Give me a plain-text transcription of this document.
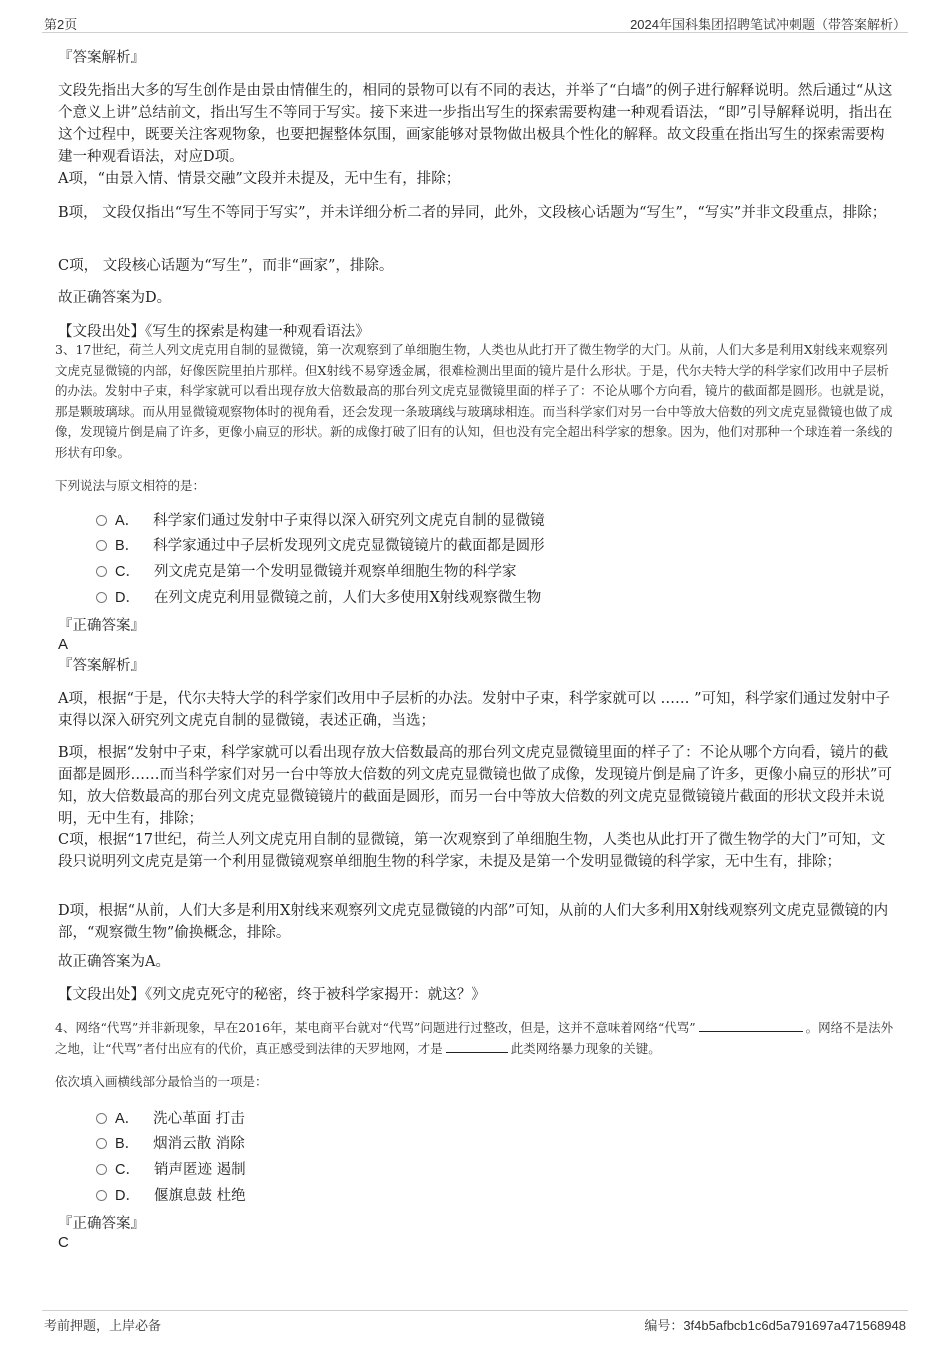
第2页	2024年国科集团招聘笔试冲刺题（带答案解析）
『答案解析』
文段先指出大多的写生创作是由景由情催生的，相同的景物可以有不同的表达，并举了“白墙”的例子进行解释说明。然后通过“从这个意义上讲”总结前文，指出写生不等同于写实。接下来进一步指出写生的探索需要构建一种观看语法，“即”引导解释说明，指出在这个过程中，既要关注客观物象，也要把握整体氛围，画家能够对景物做出极具个性化的解释。故文段重在指出写生的探索需要构建一种观看语法，对应D项。
A项，“由景入情、情景交融”文段并未提及，无中生有，排除；
B项， 文段仅指出“写生不等同于写实”，并未详细分析二者的异同，此外，文段核心话题为“写生”，“写实”并非文段重点，排除；
C项， 文段核心话题为“写生”，而非“画家”，排除。
故正确答案为D。
【文段出处】《写生的探索是构建一种观看语法》
3、17世纪，荷兰人列文虎克用自制的显微镜，第一次观察到了单细胞生物，人类也从此打开了微生物学的大门。从前，人们大多是利用X射线来观察列文虎克显微镜的内部，好像医院里拍片那样。但X射线不易穿透金属，很难检测出里面的镜片是什么形状。于是，代尔夫特大学的科学家们改用中子层析的办法。发射中子束，科学家就可以看出现存放大倍数最高的那台列文虎克显微镜里面的样子了：不论从哪个方向看，镜片的截面都是圆形。也就是说，那是颗玻璃球。而从用显微镜观察物体时的视角看，还会发现一条玻璃线与玻璃球相连。而当科学家们对另一台中等放大倍数的列文虎克显微镜也做了成像，发现镜片倒是扁了许多，更像小扁豆的形状。新的成像打破了旧有的认知，但也没有完全超出科学家的想象。因为，他们对那种一个球连着一条线的形状有印象。
下列说法与原文相符的是：
A． 科学家们通过发射中子束得以深入研究列文虎克自制的显微镜
B． 科学家通过中子层析发现列文虎克显微镜镜片的截面都是圆形
C． 列文虎克是第一个发明显微镜并观察单细胞生物的科学家
D． 在列文虎克利用显微镜之前，人们大多使用X射线观察微生物
『正确答案』
A
『答案解析』
A项，根据“于是，代尔夫特大学的科学家们改用中子层析的办法。发射中子束，科学家就可以 …… ”可知，科学家们通过发射中子束得以深入研究列文虎克自制的显微镜，表述正确，当选；
B项，根据“发射中子束，科学家就可以看出现存放大倍数最高的那台列文虎克显微镜里面的样子了：不论从哪个方向看，镜片的截面都是圆形……而当科学家们对另一台中等放大倍数的列文虎克显微镜也做了成像，发现镜片倒是扁了许多，更像小扁豆的形状”可知，放大倍数最高的那台列文虎克显微镜镜片的截面是圆形，而另一台中等放大倍数的列文虎克显微镜镜片截面的形状文段并未说明，无中生有，排除；
C项，根据“17世纪，荷兰人列文虎克用自制的显微镜，第一次观察到了单细胞生物，人类也从此打开了微生物学的大门”可知，文段只说明列文虎克是第一个利用显微镜观察单细胞生物的科学家，未提及是第一个发明显微镜的科学家，无中生有，排除；
D项，根据“从前，人们大多是利用X射线来观察列文虎克显微镜的内部”可知，从前的人们大多利用X射线观察列文虎克显微镜的内部，“观察微生物”偷换概念，排除。
故正确答案为A。
【文段出处】《列文虎克死守的秘密，终于被科学家揭开：就这？》
4、网络“代骂”并非新现象，早在2016年，某电商平台就对“代骂”问题进行过整改，但是，这并不意味着网络“代骂”	。网络不是法外之地，让“代骂”者付出应有的代价，真正感受到法律的天罗地网，才是	此类网络暴力现象的关键。
依次填入画横线部分最恰当的一项是：
A． 洗心革面 打击
B． 烟消云散 消除
C． 销声匿迹 遏制
D． 偃旗息鼓 杜绝
『正确答案』
C
考前押题，上岸必备	编号：3f4b5afbcb1c6d5a791697a471568948
